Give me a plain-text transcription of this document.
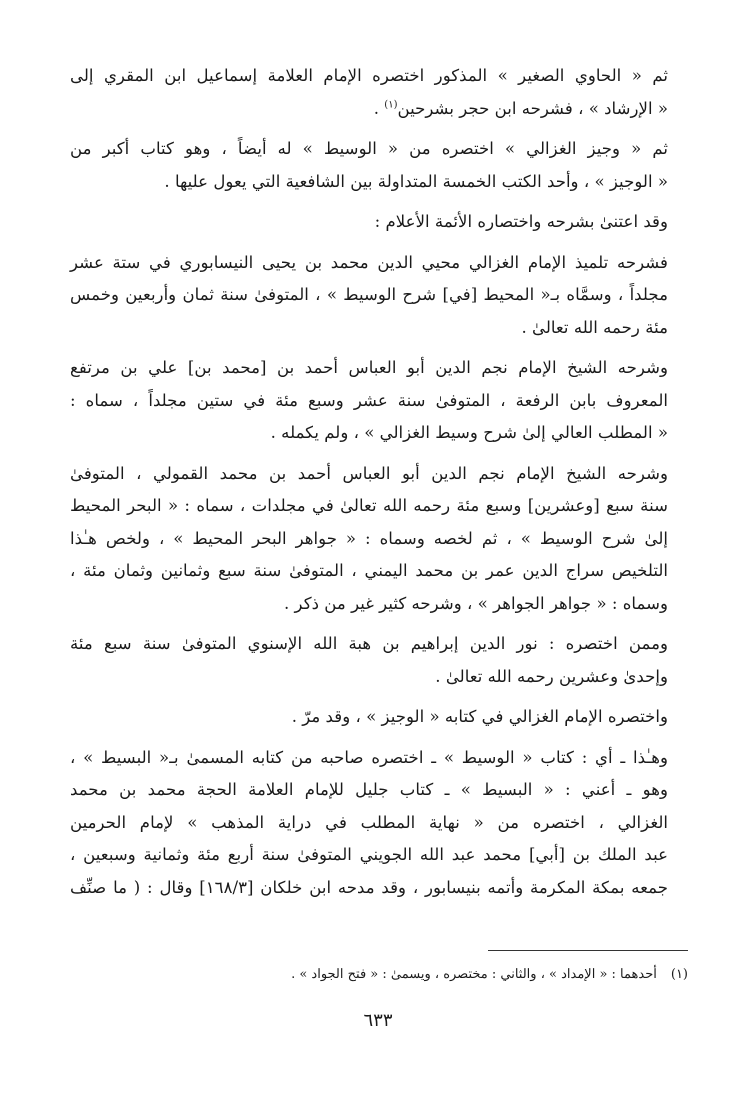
ثم « الحاوي الصغير » المذكور اختصره الإمام العلامة إسماعيل ابن المقري إلى
« الإرشاد » ، فشرحه ابن حجر بشرحين$^{(١)}$ .

ثم « وجيز الغزالي » اختصره من « الوسيط » له أيضاً ، وهو كتاب أكبر من
« الوجيز » ، وأحد الكتب الخمسة المتداولة بين الشافعية التي يعول عليها .

وقد اعتنىٰ بشرحه واختصاره الأئمة الأعلام :

فشرحه تلميذ الإمام الغزالي محيي الدين محمد بن يحيى النيسابوري في ستة عشر
مجلداً ، وسمَّاه بـ« المحيط [في] شرح الوسيط » ، المتوفىٰ سنة ثمان وأربعين وخمس
مئة رحمه الله تعالىٰ .

وشرحه الشيخ الإمام نجم الدين أبو العباس أحمد بن [محمد بن] علي بن مرتفع
المعروف بابن الرفعة ، المتوفىٰ سنة عشر وسبع مئة في ستين مجلداً ، سماه :
« المطلب العالي إلىٰ شرح وسيط الغزالي » ، ولم يكمله .

وشرحه الشيخ الإمام نجم الدين أبو العباس أحمد بن محمد القمولي ، المتوفىٰ
سنة سبع [وعشرين] وسبع مئة رحمه الله تعالىٰ في مجلدات ، سماه : « البحر المحيط
إلىٰ شرح الوسيط » ، ثم لخصه وسماه : « جواهر البحر المحيط » ، ولخص هـٰذا
التلخيص سراج الدين عمر بن محمد اليمني ، المتوفىٰ سنة سبع وثمانين وثمان مئة ،
وسماه : « جواهر الجواهر » ، وشرحه كثير غير من ذكر .

وممن اختصره : نور الدين إبراهيم بن هبة الله الإسنوي المتوفىٰ سنة سبع مئة
وإحدىٰ وعشرين رحمه الله تعالىٰ .

واختصره الإمام الغزالي في كتابه « الوجيز » ، وقد مرّ .

وهـٰذا ـ أي : كتاب « الوسيط » ـ اختصره صاحبه من كتابه المسمىٰ بـ« البسيط » ،
وهو ـ أعني : « البسيط » ـ كتاب جليل للإمام العلامة الحجة محمد بن محمد
الغزالي ، اختصره من « نهاية المطلب في دراية المذهب » لإمام الحرمين
عبد الملك بن [أبي] محمد عبد الله الجويني المتوفىٰ سنة أربع مئة وثمانية وسبعين ،
جمعه بمكة المكرمة وأتمه بنيسابور ، وقد مدحه ابن خلكان [١٦٨/٣] وقال : ( ما صنِّف

(١)أحدهما : « الإمداد » ، والثاني : مختصره ، ويسمىٰ : « فتح الجواد » .
٦٣٣
